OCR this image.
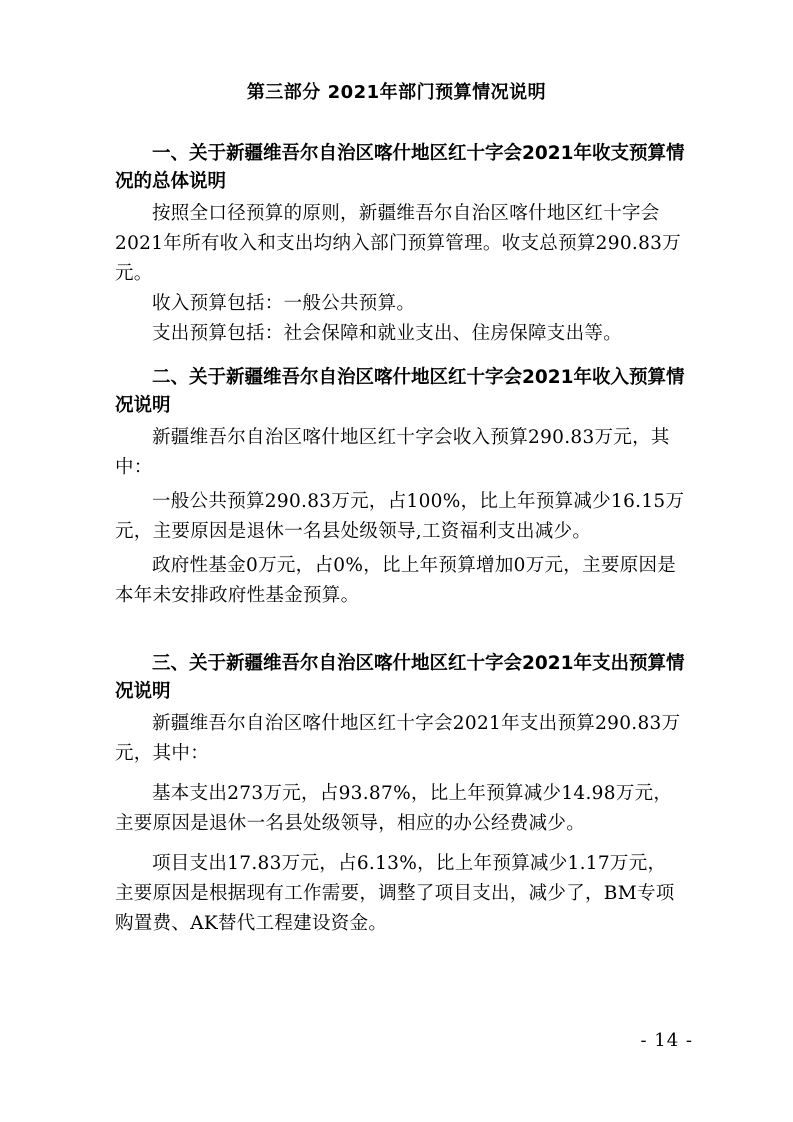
第三部分 2021年部门预算情况说明

一、关于新疆维吾尔自治区喀什地区红十字会2021年收支预算情况的总体说明

按照全口径预算的原则，新疆维吾尔自治区喀什地区红十字会2021年所有收入和支出均纳入部门预算管理。收支总预算290.83万元。

收入预算包括：一般公共预算。

支出预算包括：社会保障和就业支出、住房保障支出等。

二、关于新疆维吾尔自治区喀什地区红十字会2021年收入预算情况说明

新疆维吾尔自治区喀什地区红十字会收入预算290.83万元，其中：

一般公共预算290.83万元，占100%，比上年预算减少16.15万元，主要原因是退休一名县处级领导,工资福利支出减少。

政府性基金0万元，占0%，比上年预算增加0万元，主要原因是本年未安排政府性基金预算。

三、关于新疆维吾尔自治区喀什地区红十字会2021年支出预算情况说明

新疆维吾尔自治区喀什地区红十字会2021年支出预算290.83万元，其中：

基本支出273万元，占93.87%，比上年预算减少14.98万元，主要原因是退休一名县处级领导，相应的办公经费减少。

项目支出17.83万元，占6.13%，比上年预算减少1.17万元，主要原因是根据现有工作需要，调整了项目支出，减少了，BM专项购置费、AK替代工程建设资金。

- 14 -
